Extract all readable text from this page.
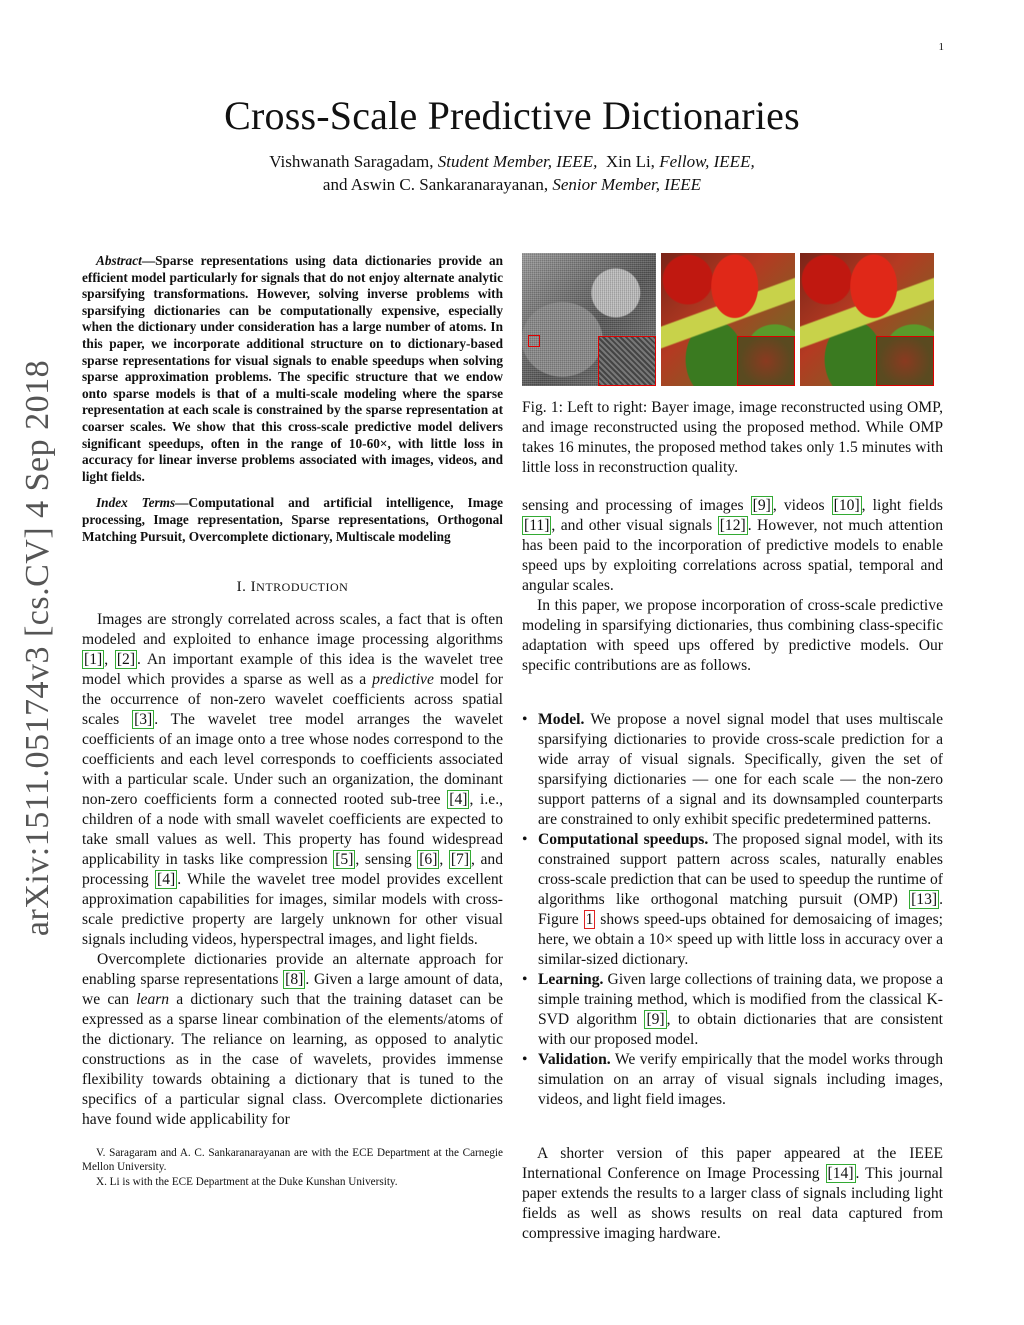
1
arXiv:1511.05174v3 [cs.CV] 4 Sep 2018
Cross-Scale Predictive Dictionaries
Vishwanath Saragadam, Student Member, IEEE, Xin Li, Fellow, IEEE,
and Aswin C. Sankaranarayanan, Senior Member, IEEE

Abstract—Sparse representations using data dictionaries provide an efficient model particularly for signals that do not enjoy alternate analytic sparsifying transformations. However, solving inverse problems with sparsifying dictionaries can be computationally expensive, especially when the dictionary under consideration has a large number of atoms. In this paper, we incorporate additional structure on to dictionary-based sparse representations for visual signals to enable speedups when solving sparse approximation problems. The specific structure that we endow onto sparse models is that of a multi-scale modeling where the sparse representation at each scale is constrained by the sparse representation at coarser scales. We show that this cross-scale predictive model delivers significant speedups, often in the range of 10-60×, with little loss in accuracy for linear inverse problems associated with images, videos, and light fields.

Index Terms—Computational and artificial intelligence, Image processing, Image representation, Sparse representations, Orthogonal Matching Pursuit, Overcomplete dictionary, Multiscale modeling

I. INTRODUCTION

Images are strongly correlated across scales, a fact that is often modeled and exploited to enhance image processing algorithms [1] , [2] . An important example of this idea is the wavelet tree model which provides a sparse as well as a predictive model for the occurrence of non-zero wavelet coefficients across spatial scales [3] . The wavelet tree model arranges the wavelet coefficients of an image onto a tree whose nodes correspond to the coefficients and each level corresponds to coefficients associated with a particular scale. Under such an organization, the dominant non-zero coefficients form a connected rooted sub-tree [4] , i.e., children of a node with small wavelet coefficients are expected to take small values as well. This property has found widespread applicability in tasks like compression [5] , sensing [6] , [7] , and processing [4] . While the wavelet tree model provides excellent approximation capabilities for images, similar models with cross-scale predictive property are largely unknown for other visual signals including videos, hyperspectral images, and light fields.

Overcomplete dictionaries provide an alternate approach for enabling sparse representations [8] . Given a large amount of data, we can learn a dictionary such that the training dataset can be expressed as a sparse linear combination of the elements/atoms of the dictionary. The reliance on learning, as opposed to analytic constructions as in the case of wavelets, provides immense flexibility towards obtaining a dictionary that is tuned to the specifics of a particular signal class. Overcomplete dictionaries have found wide applicability for

V. Saragaram and A. C. Sankaranarayanan are with the ECE Department at the Carnegie Mellon University.

X. Li is with the ECE Department at the Duke Kunshan University.

Fig. 1: Left to right: Bayer image, image reconstructed using OMP, and image reconstructed using the proposed method. While OMP takes 16 minutes, the proposed method takes only 1.5 minutes with little loss in reconstruction quality.

sensing and processing of images [9] , videos [10] , light fields [11] , and other visual signals [12] . However, not much attention has been paid to the incorporation of predictive models to enable speed ups by exploiting correlations across spatial, temporal and angular scales.

In this paper, we propose incorporation of cross-scale predictive modeling in sparsifying dictionaries, thus combining class-specific adaptation with speed ups offered by predictive models. Our specific contributions are as follows.

• Model. We propose a novel signal model that uses multiscale sparsifying dictionaries to provide cross-scale prediction for a wide array of visual signals. Specifically, given the set of sparsifying dictionaries — one for each scale — the non-zero support patterns of a signal and its downsampled counterparts are constrained to only exhibit specific predetermined patterns.
• Computational speedups. The proposed signal model, with its constrained support pattern across scales, naturally enables cross-scale prediction that can be used to speedup the runtime of algorithms like orthogonal matching pursuit (OMP) [13] . Figure 1 shows speed-ups obtained for demosaicing of images; here, we obtain a 10× speed up with little loss in accuracy over a similar-sized dictionary.
• Learning. Given large collections of training data, we propose a simple training method, which is modified from the classical K-SVD algorithm [9] , to obtain dictionaries that are consistent with our proposed model.
• Validation. We verify empirically that the model works through simulation on an array of visual signals including images, videos, and light field images.

A shorter version of this paper appeared at the IEEE International Conference on Image Processing [14] . This journal paper extends the results to a larger class of signals including light fields as well as shows results on real data captured from compressive imaging hardware.
